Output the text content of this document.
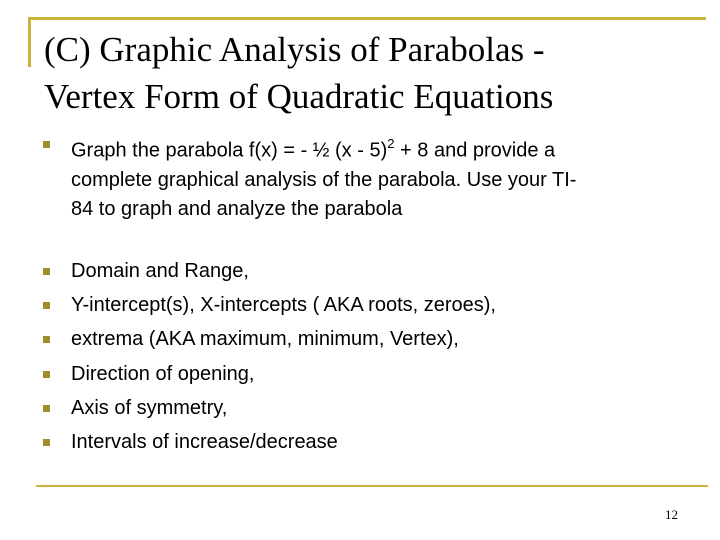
(C) Graphic Analysis of Parabolas -
Vertex Form of Quadratic Equations
Graph the parabola f(x) = - ½ (x - 5)$^2$ + 8 and provide a
complete graphical analysis of the parabola. Use your TI-
84 to graph and analyze the parabola
Domain and Range,
Y-intercept(s), X-intercepts ( AKA roots, zeroes),
extrema (AKA maximum, minimum, Vertex),
Direction of opening,
Axis of symmetry,
Intervals of increase/decrease
12
